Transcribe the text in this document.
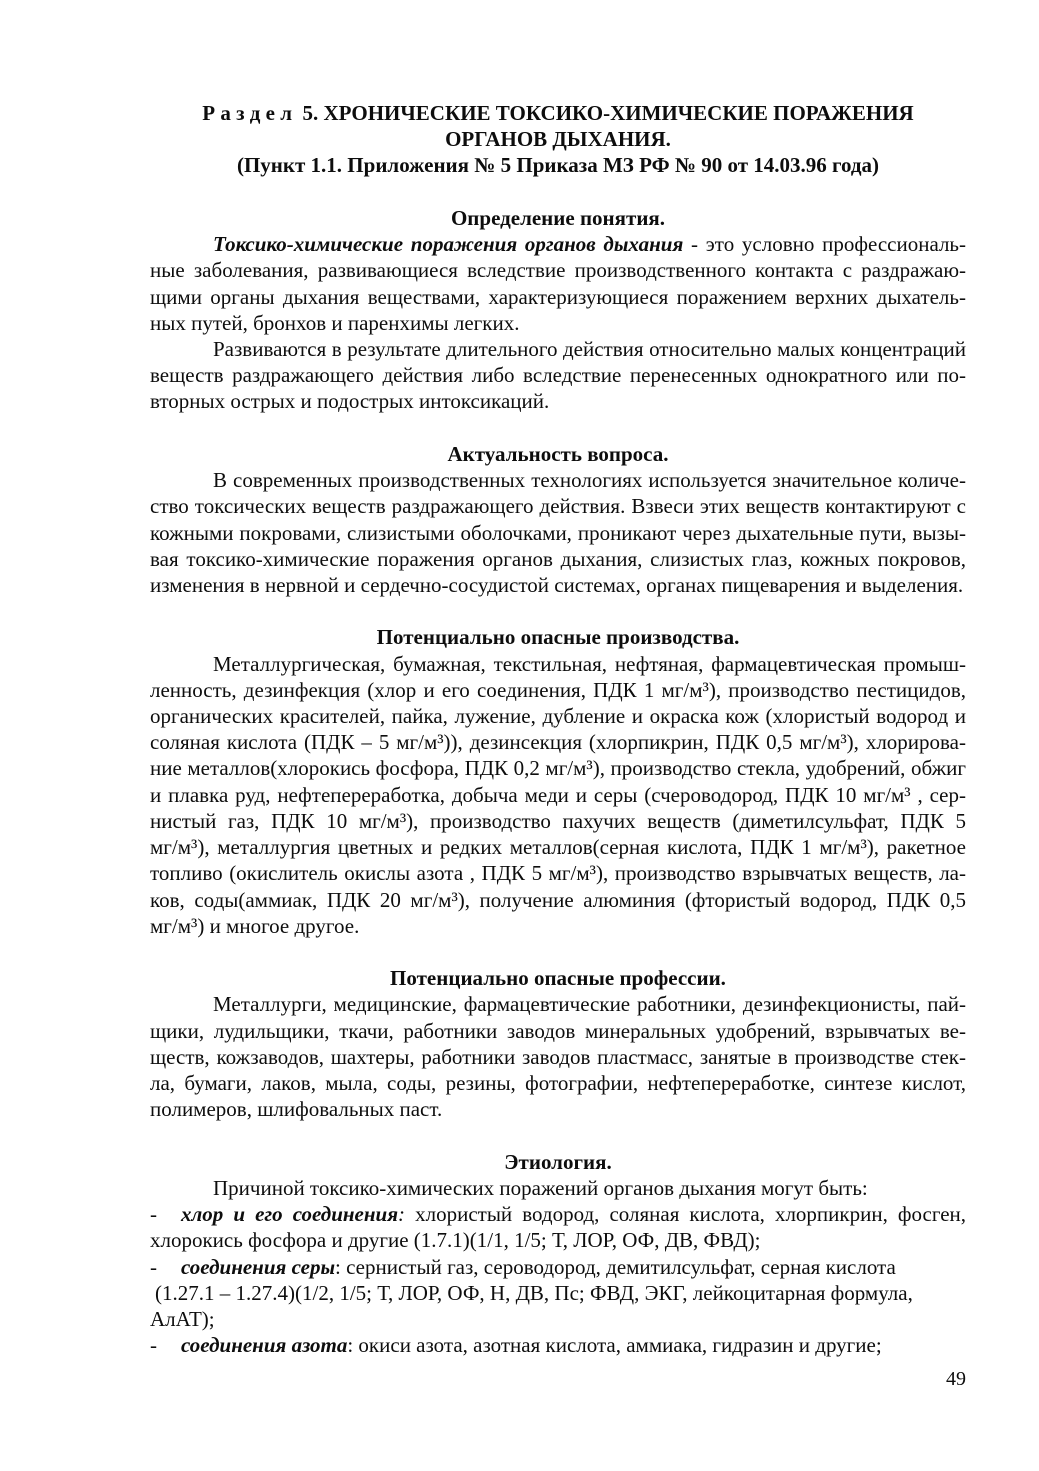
Р а з д е л  5. ХРОНИЧЕСКИЕ ТОКСИКО-ХИМИЧЕСКИЕ ПОРАЖЕНИЯ
ОРГАНОВ ДЫХАНИЯ.
(Пункт 1.1. Приложения № 5 Приказа МЗ РФ № 90 от 14.03.96 года)
Определение понятия.
Токсико-химические поражения органов дыхания - это условно профессиональ-
ные заболевания, развивающиеся вследствие производственного контакта с раздражаю-
щими органы дыхания веществами, характеризующиеся поражением верхних дыхатель-
ных путей, бронхов и паренхимы легких.
Развиваются в результате длительного действия относительно малых концентраций
веществ раздражающего действия либо вследствие перенесенных однократного или по-
вторных острых и подострых интоксикаций.
Актуальность вопроса.
В современных производственных технологиях используется значительное количе-
ство токсических веществ раздражающего действия. Взвеси этих веществ контактируют с
кожными покровами, слизистыми оболочками, проникают через дыхательные пути, вызы-
вая токсико-химические поражения органов дыхания, слизистых глаз, кожных покровов,
изменения в нервной и сердечно-сосудистой системах, органах пищеварения и выделения.
Потенциально опасные производства.
Металлургическая, бумажная, текстильная, нефтяная, фармацевтическая промыш-
ленность, дезинфекция (хлор и его соединения, ПДК 1 мг/м³), производство пестицидов,
органических красителей, пайка, лужение, дубление и окраска кож (хлористый водород и
соляная кислота (ПДК – 5 мг/м³)), дезинсекция (хлорпикрин, ПДК 0,5 мг/м³), хлорирова-
ние металлов(хлорокись фосфора, ПДК 0,2 мг/м³), производство стекла, удобрений, обжиг
и плавка руд, нефтепереработка, добыча меди и серы (счероводород, ПДК 10 мг/м³ , сер-
нистый газ, ПДК 10 мг/м³), производство пахучих веществ (диметилсульфат, ПДК 5
мг/м³), металлургия цветных и редких металлов(серная кислота, ПДК 1 мг/м³), ракетное
топливо (окислитель окислы азота , ПДК 5 мг/м³), производство взрывчатых веществ, ла-
ков, соды(аммиак, ПДК 20 мг/м³), получение алюминия (фтористый водород, ПДК 0,5
мг/м³) и многое другое.
Потенциально опасные профессии.
Металлурги, медицинские, фармацевтические работники, дезинфекционисты, пай-
щики, лудильщики, ткачи, работники заводов минеральных удобрений, взрывчатых ве-
ществ, кожзаводов, шахтеры, работники заводов пластмасс, занятые в производстве стек-
ла, бумаги, лаков, мыла, соды, резины, фотографии, нефтепереработке, синтезе кислот,
полимеров, шлифовальных паст.
Этиология.
Причиной токсико-химических поражений органов дыхания могут быть:
- хлор и его соединения: хлористый водород, соляная кислота, хлорпикрин, фосген,
хлорокись фосфора и другие (1.7.1)(1/1, 1/5; Т, ЛОР, ОФ, ДВ, ФВД);
- соединения серы: сернистый газ, сероводород, демитилсульфат, серная кислота
(1.27.1 – 1.27.4)(1/2, 1/5; Т, ЛОР, ОФ, Н, ДВ, Пс; ФВД, ЭКГ, лейкоцитарная формула,
АлАТ);
- соединения азота: окиси азота, азотная кислота, аммиака, гидразин и другие;
49
